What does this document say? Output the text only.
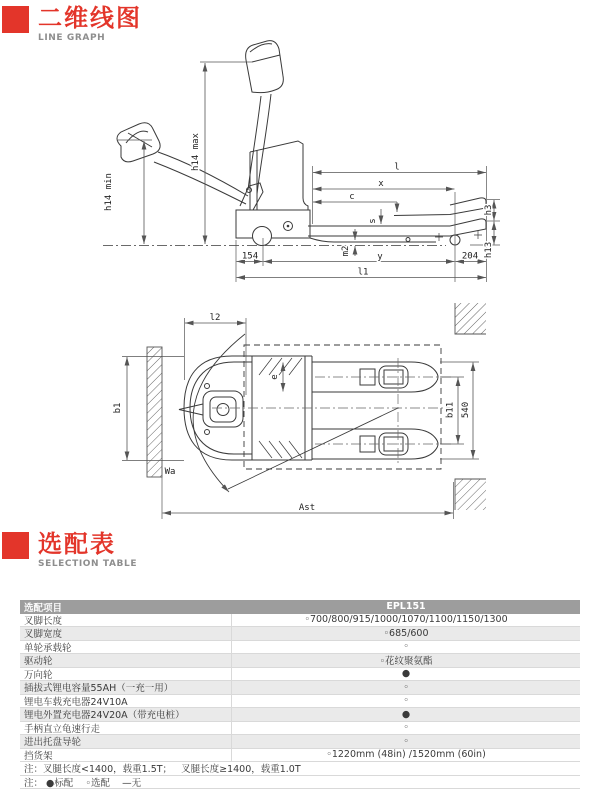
h14 max
h14 min
l
x
c
s
m2
y
154	204
l1
h3
h13
l2
b1
e
Wa
b11 540
Ast
二维线图
LINE GRAPH
选配表
SELECTION TABLE
选配项目	EPL151
叉脚长度	◦700/800/915/1000/1070/1100/1150/1300
叉脚宽度	◦685/600
单轮承载轮	◦
驱动轮	◦花纹聚氨酯
万向轮	●
插拔式锂电容量55AH（一充一用）	◦
锂电车载充电器24V10A	◦
锂电外置充电器24V20A（带充电桩）	●
手柄直立龟速行走	◦
进出托盘导轮	◦
挡货架	◦1220mm (48in) /1520mm (60in)
注：叉腿长度<1400，载重1.5T；   叉腿长度≥1400，载重1.0T
注： ●标配    ◦选配    —无
